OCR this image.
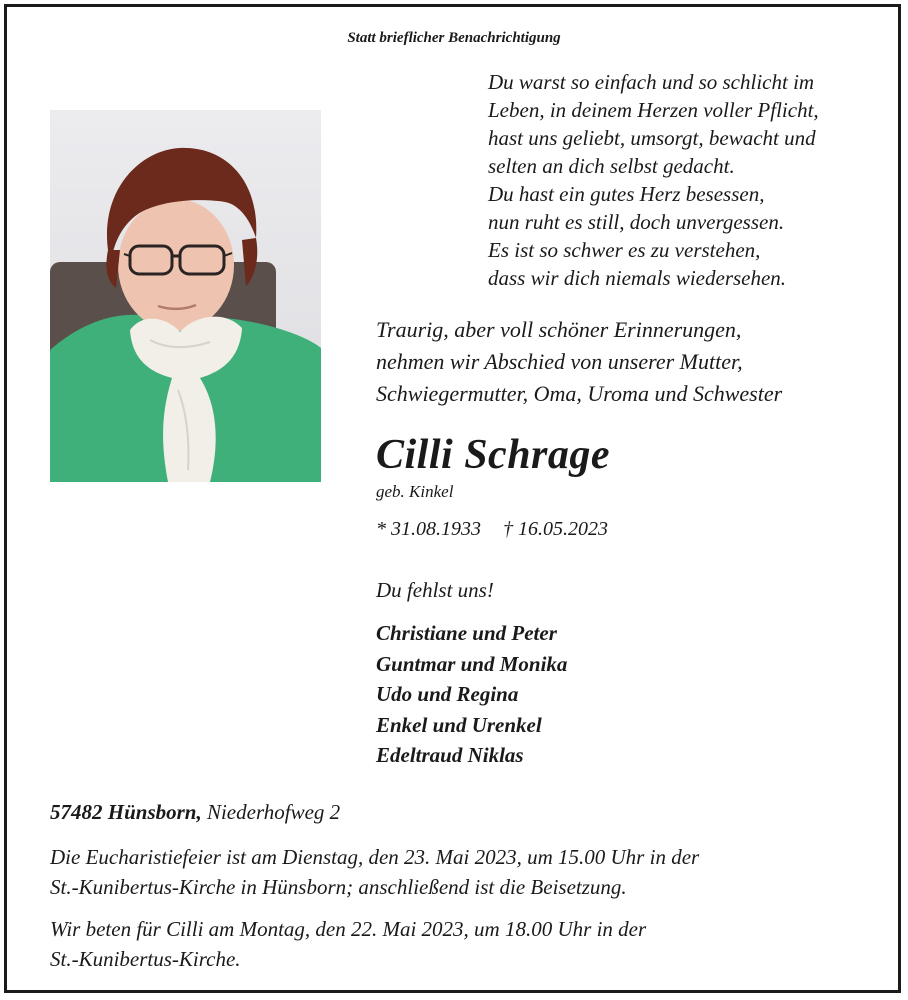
Statt brieflicher Benachrichtigung
Du warst so einfach und so schlicht im
Leben, in deinem Herzen voller Pflicht,
hast uns geliebt, umsorgt, bewacht und
selten an dich selbst gedacht.
Du hast ein gutes Herz besessen,
nun ruht es still, doch unvergessen.
Es ist so schwer es zu verstehen,
dass wir dich niemals wiedersehen.
Traurig, aber voll schöner Erinnerungen,
nehmen wir Abschied von unserer Mutter,
Schwiegermutter, Oma, Uroma und Schwester
Cilli Schrage
geb. Kinkel
* 31.08.1933 † 16.05.2023
Du fehlst uns!
Christiane und Peter
Guntmar und Monika
Udo und Regina
Enkel und Urenkel
Edeltraud Niklas
57482 Hünsborn, Niederhofweg 2
Die Eucharistiefeier ist am Dienstag, den 23. Mai 2023, um 15.00 Uhr in der
St.-Kunibertus-Kirche in Hünsborn; anschließend ist die Beisetzung.
Wir beten für Cilli am Montag, den 22. Mai 2023, um 18.00 Uhr in der
St.-Kunibertus-Kirche.
